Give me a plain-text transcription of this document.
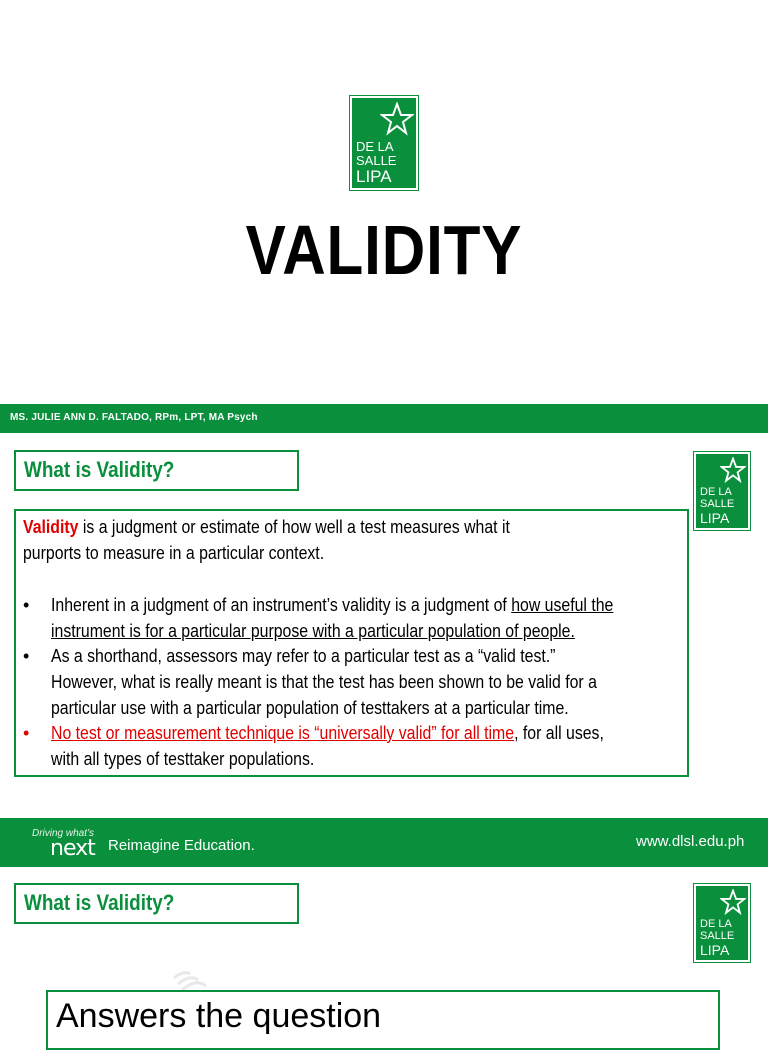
DE LA
SALLE
LIPA
VALIDITY
MS. JULIE ANN D. FALTADO, RPm, LPT, MA Psych
What is Validity?
DE LA
SALLE
LIPA
Validity is a judgment or estimate of how well a test measures what it
purports to measure in a particular context.
• Inherent in a judgment of an instrument’s validity is a judgment of how useful the
instrument is for a particular purpose with a particular population of people.
• As a shorthand, assessors may refer to a particular test as a “valid test.”
However, what is really meant is that the test has been shown to be valid for a
particular use with a particular population of testtakers at a particular time.
• No test or measurement technique is “universally valid” for all time, for all uses,
with all types of testtaker populations.
Driving what’s
next Reimagine Education.	www.dlsl.edu.ph
What is Validity?
DE LA
SALLE
LIPA
Answers the question
